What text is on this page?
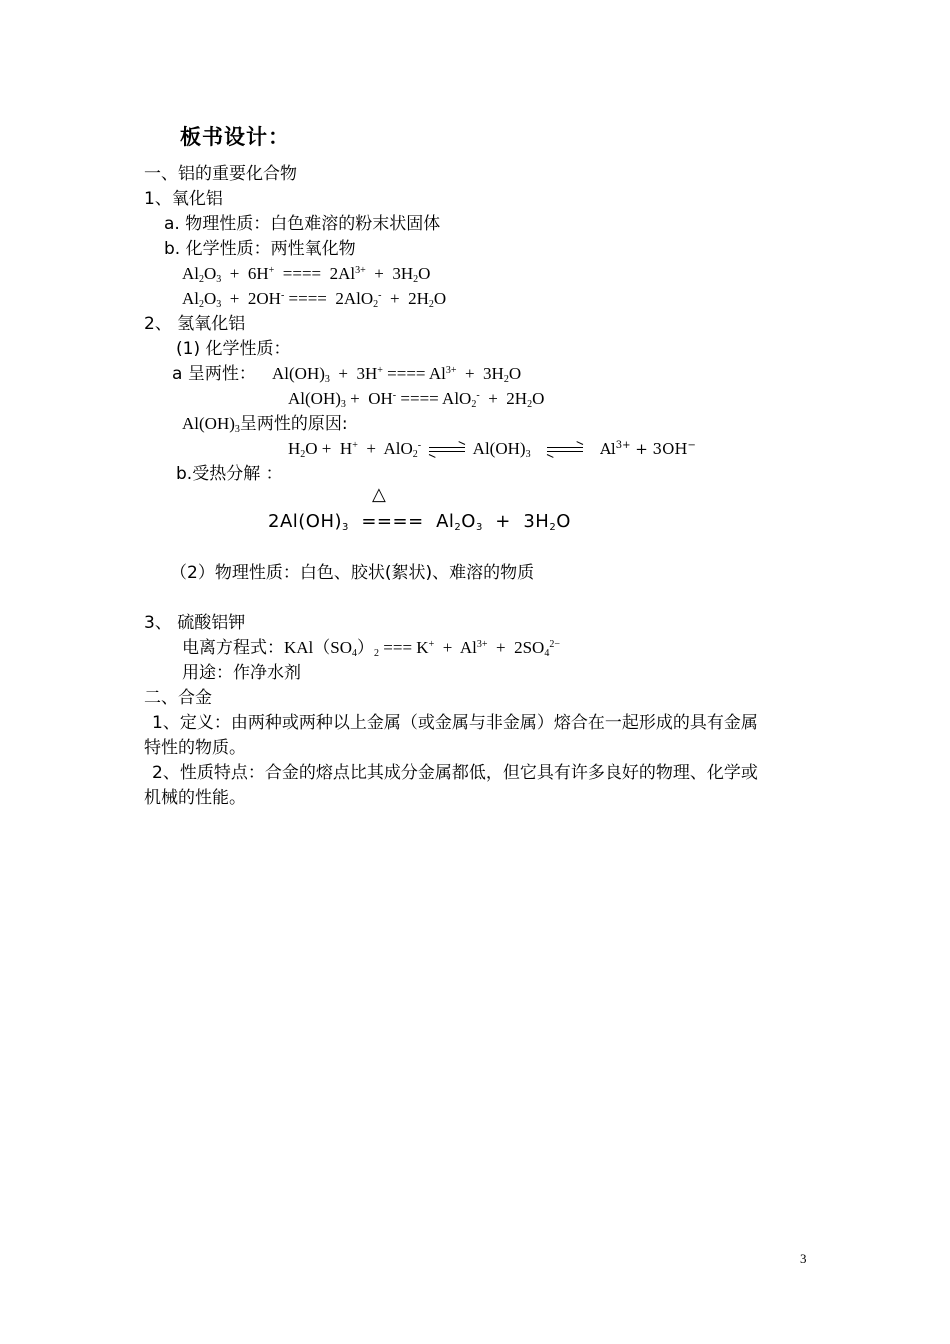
板书设计：
一、铝的重要化合物
1、氧化铝
a. 物理性质：白色难溶的粉末状固体
b. 化学性质：两性氧化物
$Al_2O_3 + 6H^+$  ====  $2Al^{3+} + 3H_2O$
$Al_2O_3 + 2OH^-$ ====  $2AlO_2^- + 2H_2O$
2、 氢氧化铝
(1) 化学性质：
a 呈两性： $Al(OH)_3 + 3H^+$ ==== $Al^{3+} + 3H_2O$
$Al(OH)_3 + OH^-$ ==== $AlO_2^- + 2H_2O$
$Al(OH)_3$呈两性的原因:
$H_2O + H^+ + AlO_2^-$ ⇌ $Al(OH)_3$ ⇌ $Al^{3+} + 3OH^-$
b.受热分解 ：
△
$2Al(OH)_3$  ====  $Al_2O_3 + 3H_2O$
（2）物理性质：白色、胶状(絮状)、难溶的物质
3、 硫酸铝钾
电离方程式：$KAl(SO_4)_2$ === $K^+ + Al^{3+} + 2SO_4^{2-}$
用途：作净水剂
二、合金
1、定义：由两种或两种以上金属（或金属与非金属）熔合在一起形成的具有金属
特性的物质。
2、性质特点：合金的熔点比其成分金属都低，但它具有许多良好的物理、化学或
机械的性能。
3
